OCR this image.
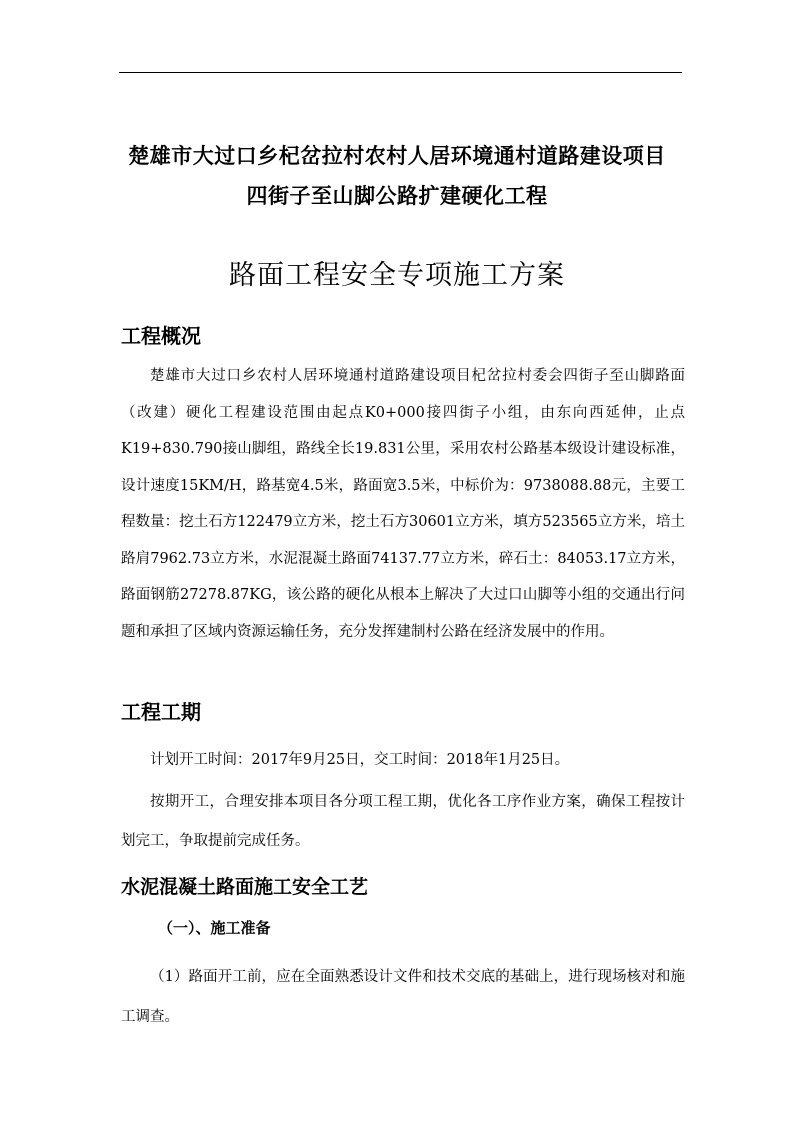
楚雄市大过口乡杞岔拉村农村人居环境通村道路建设项目
四街子至山脚公路扩建硬化工程
路面工程安全专项施工方案
工程概况

楚雄市大过口乡农村人居环境通村道路建设项目杞岔拉村委会四街子至山脚路面（改建）硬化工程建设范围由起点K0+000接四街子小组，由东向西延伸，止点K19+830.790接山脚组，路线全长19.831公里，采用农村公路基本级设计建设标准，设计速度15KM/H，路基宽4.5米，路面宽3.5米，中标价为：9738088.88元，主要工程数量：挖土石方122479立方米，挖土石方30601立方米，填方523565立方米，培土路肩7962.73立方米，水泥混凝土路面74137.77立方米，碎石土：84053.17立方米，路面钢筋27278.87KG，该公路的硬化从根本上解决了大过口山脚等小组的交通出行问题和承担了区域内资源运输任务，充分发挥建制村公路在经济发展中的作用。

工程工期

计划开工时间：2017年9月25日，交工时间：2018年1月25日。

按期开工，合理安排本项目各分项工程工期，优化各工序作业方案，确保工程按计划完工，争取提前完成任务。

水泥混凝土路面施工安全工艺
（一）、施工准备

（1）路面开工前，应在全面熟悉设计文件和技术交底的基础上，进行现场核对和施工调查。
